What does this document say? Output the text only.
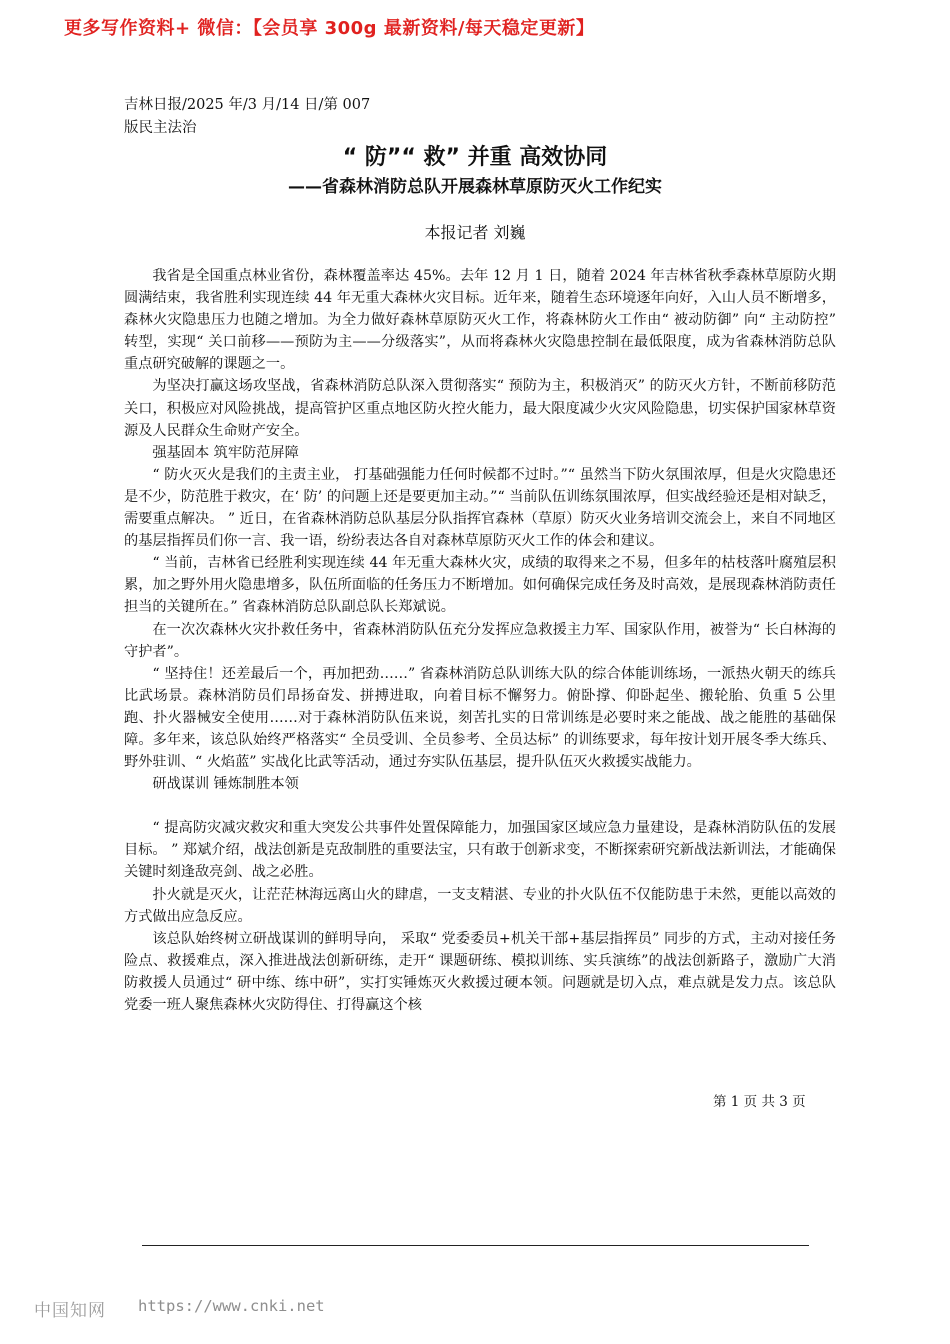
更多写作资料+ 微信：【会员享 300g 最新资料/每天稳定更新】
吉林日报/2025 年/3 月/14 日/第 007
版民主法治
“ 防”“ 救” 并重 高效协同
——省森林消防总队开展森林草原防灭火工作纪实
本报记者 刘巍

我省是全国重点林业省份，森林覆盖率达 45%。去年 12 月 1 日，随着 2024 年吉林省秋季森林草原防火期圆满结束，我省胜利实现连续 44 年无重大森林火灾目标。近年来，随着生态环境逐年向好，入山人员不断增多，森林火灾隐患压力也随之增加。为全力做好森林草原防灭火工作，将森林防火工作由“ 被动防御” 向“ 主动防控” 转型，实现“ 关口前移——预防为主——分级落实”，从而将森林火灾隐患控制在最低限度，成为省森林消防总队重点研究破解的课题之一。

为坚决打赢这场攻坚战，省森林消防总队深入贯彻落实“ 预防为主，积极消灭” 的防灭火方针，不断前移防范关口，积极应对风险挑战，提高管护区重点地区防火控火能力，最大限度减少火灾风险隐患，切实保护国家林草资源及人民群众生命财产安全。

强基固本 筑牢防范屏障

“ 防火灭火是我们的主责主业， 打基础强能力任何时候都不过时。”“ 虽然当下防火氛围浓厚，但是火灾隐患还是不少，防范胜于救灾，在‘ 防’ 的问题上还是要更加主动。”“ 当前队伍训练氛围浓厚，但实战经验还是相对缺乏，需要重点解决。 ” 近日，在省森林消防总队基层分队指挥官森林（草原）防灭火业务培训交流会上，来自不同地区的基层指挥员们你一言、我一语，纷纷表达各自对森林草原防灭火工作的体会和建议。

“ 当前，吉林省已经胜利实现连续 44 年无重大森林火灾，成绩的取得来之不易，但多年的枯枝落叶腐殖层积累，加之野外用火隐患增多，队伍所面临的任务压力不断增加。如何确保完成任务及时高效，是展现森林消防责任担当的关键所在。” 省森林消防总队副总队长郑斌说。

在一次次森林火灾扑救任务中，省森林消防队伍充分发挥应急救援主力军、国家队作用，被誉为“ 长白林海的守护者”。

“ 坚持住！还差最后一个，再加把劲……” 省森林消防总队训练大队的综合体能训练场，一派热火朝天的练兵比武场景。森林消防员们昂扬奋发、拼搏进取，向着目标不懈努力。俯卧撑、仰卧起坐、搬轮胎、负重 5 公里跑、扑火器械安全使用……对于森林消防队伍来说，刻苦扎实的日常训练是必要时来之能战、战之能胜的基础保障。多年来，该总队始终严格落实“ 全员受训、全员参考、全员达标” 的训练要求，每年按计划开展冬季大练兵、野外驻训、“ 火焰蓝” 实战化比武等活动，通过夯实队伍基层，提升队伍灭火救援实战能力。

研战谋训 锤炼制胜本领

“ 提高防灾减灾救灾和重大突发公共事件处置保障能力，加强国家区域应急力量建设，是森林消防队伍的发展目标。 ” 郑斌介绍，战法创新是克敌制胜的重要法宝，只有敢于创新求变，不断探索研究新战法新训法，才能确保关键时刻逢敌亮剑、战之必胜。

扑火就是灭火，让茫茫林海远离山火的肆虐，一支支精湛、专业的扑火队伍不仅能防患于未然，更能以高效的方式做出应急反应。

该总队始终树立研战谋训的鲜明导向， 采取“ 党委委员+机关干部+基层指挥员” 同步的方式，主动对接任务险点、救援难点，深入推进战法创新研练，走开“ 课题研练、模拟训练、实兵演练”的战法创新路子，激励广大消防救援人员通过“ 研中练、练中研”，实打实锤炼灭火救援过硬本领。问题就是切入点，难点就是发力点。该总队党委一班人聚焦森林火灾防得住、打得赢这个核

第 1 页 共 3 页
中国知网 https://www.cnki.net
